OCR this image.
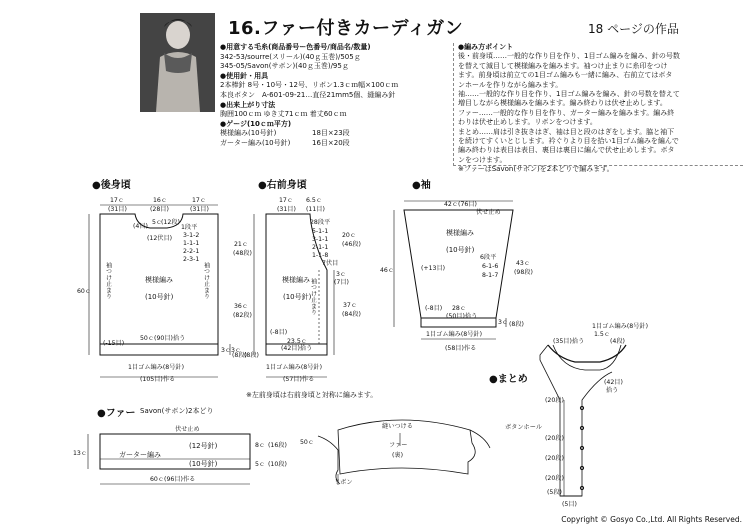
16.ファー付きカーディガン	18 ページの作品
●用意する毛糸(商品番号ー色番号/商品名/数量)
342-53/sourre(スリール)(40ｇ玉巻)/505ｇ
345-05/Savon(サボン)(40ｇ玉巻)/95ｇ
●使用針・用具
2本棒針 8号・10号・12号、リボン1.3ｃｍ幅×100ｃｍ
本良ボタン　A-601-09-21…直径21mm5個、縫編み針
●出来上がり寸法
胸囲100ｃｍ ゆき丈71ｃｍ 着丈60ｃｍ
●ゲージ(10ｃｍ平方)
模様編み(10号針)	18目×23段
ガーター編み(10号針)	16目×20段
●編み方ポイント
後・前身頃……一般的な作り目を作り、1目ゴム編みを編み、針の号数
を替えて減目して模様編みを編みます。袖つけ止まりに糸印をつけ
ます。前身頃は前立ての1目ゴム編みも一緒に編み、右前立てはボタ
ンホールを作りながら編みます。
袖……一般的な作り目を作り、1目ゴム編みを編み、針の号数を替えて
増目しながら模様編みを編みます。編み終わりは伏せ止めします。
ファー……一般的な作り目を作り、ガーター編みを編みます。編み終
わりは伏せ止めします。リボンをつけます。
まとめ……肩は引き抜きはぎ、袖は目と段のはぎをします。脇と袖下
を続けてすくいとじします。衿ぐりより目を拾い1目ゴム編みを編んで
編み終わりは表目は表目、裏目は裏目に編んで伏せ止めします。ボタ
ンをつけます。
※ファーはSavon(サボン)を2本どりで編みます。
●後身頃	●右前身頃	●袖
●ファー Savon(サボン)2本どり
●まとめ
※左前身頃は右前身頃と対称に編みます。
17ｃ
(31目)
16ｃ
(28目)
17ｃ
(31目)
5ｃ
(12段)
(4目)
(12伏目)
1段平
3-1-2
1-1-1
2-2-1
2-3-1
袖つけ止まり	袖つけ止まり
模様編み
(10号針)
60ｃ
(-15目)
50ｃ(90目)拾う
1目ゴム編み(8号針)
(105目)作る
3ｃ
(8段)
17ｃ
(31目)
6.5ｃ
(11目)
28段平
5-1-1
3-1-1
2-1-1
1-1-8
7伏目
20ｃ
(46段)
3ｃ
(7目)
37ｃ
(84段)
3ｃ
(8段)
21ｃ
(48段)
36ｃ
(82段)
(-8目)
袖つけ止まり
模様編み
(10号針)
23.5ｃ
(42目)拾う
1目ゴム編み(8号針)
(57目)作る
42ｃ(76目)
伏せ止め
模様編み
(10号針)
6段平
6-1-6
8-1-7
46ｃ	(+13目)
(-8目)
43ｃ
(98段)
3ｃ (8段)
28ｃ
(50目)拾う
1目ゴム編み(8号針)
(58目)作る
伏せ止め
(12号針)
ガーター編み
(10号針)
8ｃ (16段)
5ｃ (10段)
13ｃ
60ｃ(96目)作る
縫いつける
ファー
(裏)
50ｃ
リボン
1目ゴム編み(8号針)
1.5ｃ
(4段)
(35目)拾う
(42目)
拾う
(20段)
ボタンホール
(20段)
(20段)
(20段)
(5段)
(5目)
Copyright © Gosyo Co.,Ltd. All Rights Reserved.
